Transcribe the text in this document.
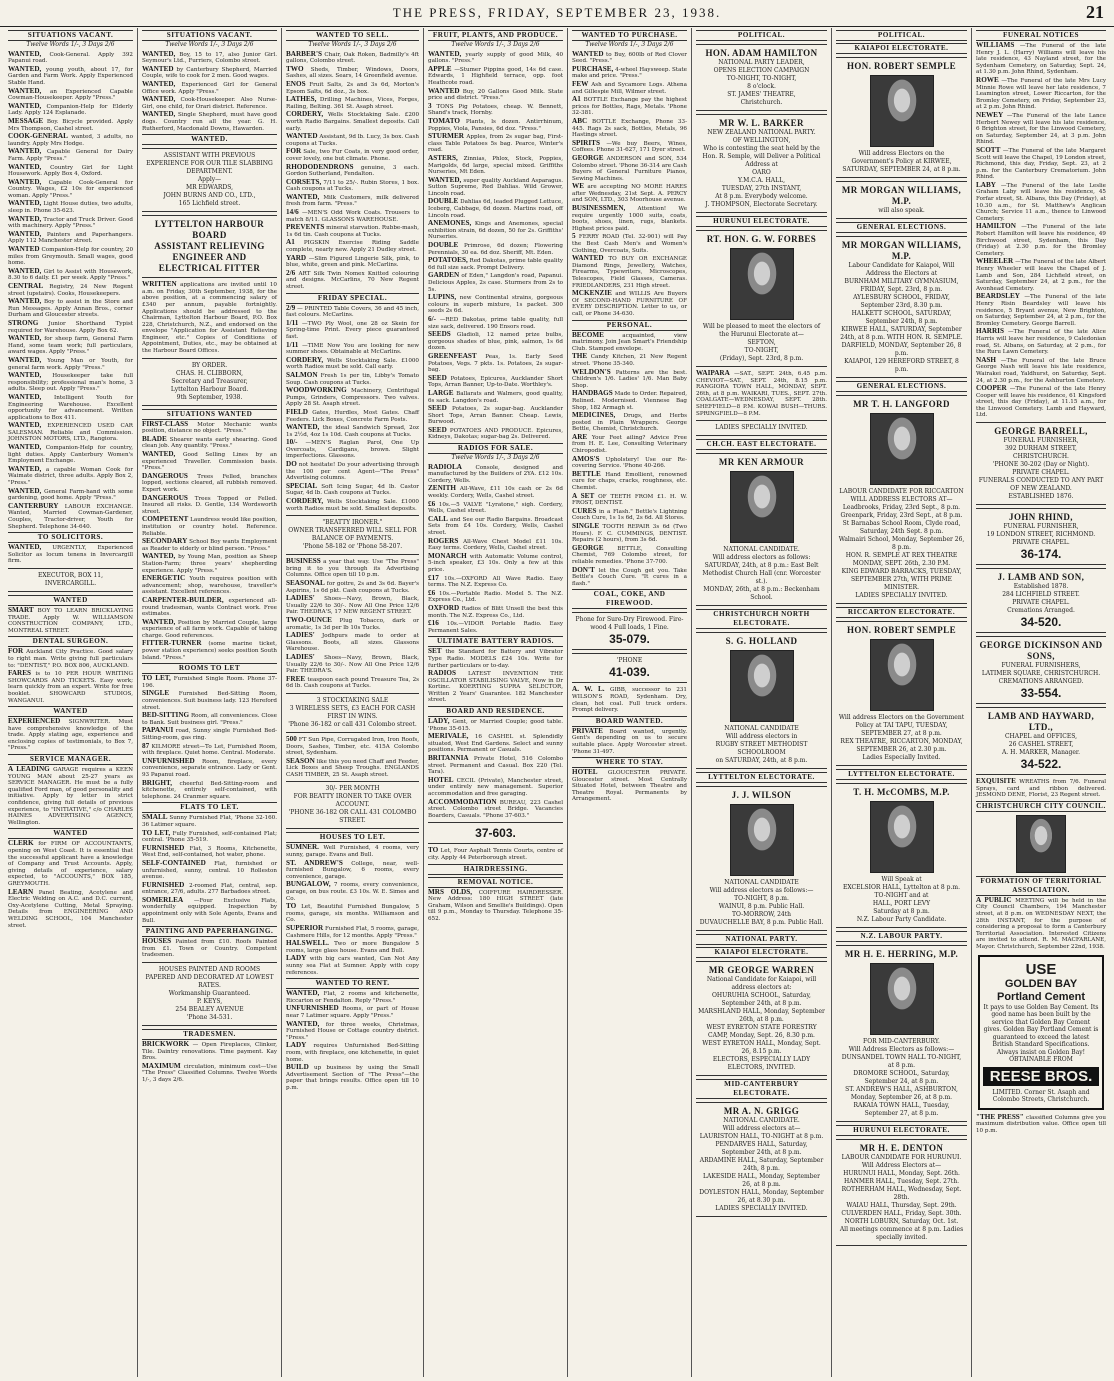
THE PRESS, FRIDAY, SEPTEMBER 23, 1938.	21
SITUATIONS VACANT.
Twelve Words 1/-, 3 Days 2/6

WANTED, Cook-General. Apply 392 Papanui road.

WANTED, young youth, about 17, for Garden and Farm Work. Apply Experienced Stable Hand.

WANTED, an Experienced Capable Cowman-Housekeeper. Apply "Press."

WANTED, Companion-Help for Elderly Lady. Apply 124 Esplanade.

MESSAGE Boy. Bicycle provided. Apply Mrs Thompson, Cashel street.

COOK-GENERAL wanted, 3 adults, no laundry. Apply Mrs Hodge.

WANTED, Capable General for Dairy Farm. Apply "Press."

WANTED, Country Girl for Light Housework. Apply Box 4, Oxford.

WANTED, Capable Cook-General for Country. Wages, £2 10s for experienced woman. Apply "Press."

WANTED, Light House duties, two adults, sleep in. Phone 35-623.

WANTED, Tractor and Truck Driver. Good with machinery. Apply "Press."

WANTED, Painters and Paperhangers. Apply 112 Manchester street.

WANTED Companion-Help for country, 20 miles from Greymouth. Small wages, good home.

WANTED, Girl to Assist with Housework, 8.30 to 6 daily. £1 per week. Apply "Press."

CENTRAL Registry, 24 New Regent street (upstairs). Cooks, Housekeepers.

WANTED, Boy to assist in the Store and Run Messages. Apply Annan Bros., corner Durham and Gloucester streets.

STRONG Junior Shorthand Typist required for Warehouse. Apply Box 62.

WANTED, for sheep farm, General Farm Hand, some team work; full particulars, award wages. Apply "Press."

WANTED, Young Man or Youth, for general farm work. Apply "Press."

WANTED, Housekeeper take full responsibility; professional man's home, 3 adults. Sleep out. Apply "Press."

WANTED, Intelligent Youth for Engineering Warehouse. Excellent opportunity for advancement. Written applications to Box 411.

WANTED, EXPERIENCED USED CAR SALESMAN. Reliable and Commission. JOHNSTON MOTORS, LTD., Rangiora.

WANTED, Companion-Help for country, light duties. Apply Canterbury Women's Employment Exchange.

WANTED, a capable Woman Cook for Waimate district, three adults. Apply Box 2, "Press."

WANTED, General Farm-hand with some gardening, good home. Apply "Press."

CANTERBURY LABOUR EXCHANGE. Wanted, Married Cowman-Gardener, Couples, Tractor-driver, Youth for Shepherd. Telephone 34-640.

TO SOLICITORS.

WANTED, URGENTLY, Experienced Solicitor as locum tenens in Invercargill firm.

EXECUTOR, BOX 11,
INVERCARGILL.
WANTED

SMART BOY TO LEARN BRICKLAYING TRADE. Apply W. WILLIAMSON CONSTRUCTION COMPANY, LTD., MONTREAL STREET.

DENTAL SURGEON.

FOR Auckland City Practice. Good salary to right man. Write giving full particulars to: "DENTIST," P.O. BOX 806, AUCKLAND.

FARES is to 10 PER HOUR WRITING SHOWCARDS AND TICKETS. Easy work; learn quickly from an expert. Write for free booklet. SHOWCARD STUDIOS, WANGANUI.

WANTED

EXPERIENCED SIGNWRITER. Must have comprehensive knowledge of the trade. Apply stating age, experience and enclosing copies of testimonials, to Box 7, "Press."

SERVICE MANAGER.

A LEADING GARAGE requires a KEEN YOUNG MAN about 25-27 years as SERVICE MANAGER. He must be a fully qualified Ford man, of good personality and initiative. Apply by letter in strict confidence, giving full details of previous experience, to "INITIATIVE," c/o CHARLES HAINES ADVERTISING AGENCY, Wellington.

WANTED

CLERK for FIRM OF ACCOUNTANTS, opening on West Coast. It is essential that the successful applicant have a knowledge of Company and Trust Accounts. Apply, giving details of experience, salary expected, to "ACCOUNTS," BOX 185, GREYMOUTH.

LEARN Panel Beating, Acetylene and Electric Welding on A.C. and D.C. current, Oxy-Acetylene Cutting, Metal Spraying. Details from ENGINEERING AND WELDING SCHOOL, 104 Manchester street.

SITUATIONS VACANT.
Twelve Words 1/-, 3 Days 2/6

WANTED, Boy, 15 to 17, also Junior Girl. Seymour's Ltd., Furriers, Colombo street.

WANTED by Canterbury Shepherd, Married Couple, wife to cook for 2 men. Good wages.

WANTED, Experienced Girl for General Office work. Apply "Press."

WANTED, Cook-Housekeeper. Also Nurse-Girl, one child, for Orari district. Reference.

WANTED, Single Shepherd, must have good dogs. Country run all the year. G. H. Rutherford, Macdonald Downs, Hawarden.

WANTED.
ASSISTANT WITH PREVIOUS EXPERIENCE FOR OUR TILE SLABBING DEPARTMENT.
Apply—
MR EDWARDS,
JOHN BURNS AND CO., LTD.,
165 Lichfield street.
LYTTELTON HARBOUR BOARD
ASSISTANT RELIEVING ENGINEER AND ELECTRICAL FITTER

WRITTEN applications are invited until 10 a.m. on Friday, 30th September, 1938, for the above position, at a commencing salary of £340 per annum, payable fortnightly. Applications should be addressed to the Chairman, Lyttelton Harbour Board, P.O. Box 228, Christchurch, N.Z., and endorsed on the envelope "Application for Assistant Relieving Engineer, etc." Copies of Conditions of Appointment, Duties, etc., may be obtained at the Harbour Board Offices.

BY ORDER.
CHAS. H. CLIBBORN,
Secretary and Treasurer,
Lyttelton Harbour Board.
9th September, 1938.
SITUATIONS WANTED

FIRST-CLASS Motor Mechanic wants position, distance no object. "Press."

BLADE Shearer wants early shearing. Good clean job. Any quantity. "Press."

WANTED, Good Selling Lines by an experienced Traveller. Commission basis. "Press."

DANGEROUS Trees Felled, branches lopped, sections cleared, all rubbish removed. Expert work.

DANGEROUS Trees Topped or Felled. Insured all risks. D. Gentle, 134 Wordsworth street.

COMPETENT Laundress would like position, institution or country hotel. Reference. Reliable.

SECONDARY School Boy wants Employment as Reader to elderly or blind person. "Press."

WANTED, by Young Man, position as Sheep Station-Farm; three years' shepherding experience. Apply "Press."

ENERGETIC Youth requires position with advancement; shop, warehouse, traveller's assistant. Excellent references.

CARPENTER-BUILDER, experienced all-round tradesman, wants Contract work. Free estimates.

WANTED, Position by Married Couple, large experience of all farm work. Capable of taking charge. Good references.

FITTER-TURNER (some marine ticket, power station experience) seeks position South Island. "Press."

ROOMS TO LET

TO LET, Furnished Single Room. Phone 37-196.

SINGLE Furnished Bed-Sitting Room, conveniences. Suit business lady. 123 Hereford street.

BED-SITTING Room, all conveniences. Close to Bank. Suit business girl. "Press."

PAPANUI road, Sunny single Furnished Bed-Sitting-room, gas ring.

87 KILMORE street—To Let, Furnished Room, with fireplace. Quiet home. Central. Moderate.

UNFURNISHED Room, fireplace, every convenience, separate entrance. Lady or Gent. 93 Papanui road.

BRIGHT, cheerful Bed-Sitting-room and kitchenette, entirely self-contained, with telephone. 24 Cranmer square.

FLATS TO LET.

SMALL Sunny Furnished Flat, 'Phone 32-160. 36 Latimer square.

TO LET, Fully Furnished, self-contained Flat; central. 'Phone 35-519.

FURNISHED Flat, 3 Rooms, Kitchenette, West End, self-contained, hot water, phone.

SELF-CONTAINED Flat, furnished or unfurnished, sunny, central. 10 Rolleston avenue.

FURNISHED 2-roomed Flat, central, sep. entrance, 27/6, adults. 277 Barbadoes street.

SOMERLEA —Four Exclusive Flats, wonderfully equipped. Inspection by appointment only with Sole Agents, Evans and Bull.

PAINTING AND PAPERHANGING.

HOUSES Painted from £10. Roofs Painted from £1. Town or Country. Competent tradesmen.

HOUSES PAINTED AND ROOMS PAPERED AND DECORATED AT LOWEST RATES.
Workmanship Guaranteed.
P. KEYS,
254 BEALEY AVENUE
'Phone 34-531.
TRADESMEN.

BRICKWORK — Open Fireplaces, Clinker, Tile. Daintry renovations. Time payment. Kay Bros.

MAXIMUM circulation, minimum cost—Use "The Press" Classified Columns. Twelve Words 1/-, 3 days 2/6.

WANTED TO SELL.
Twelve Words 1/-, 3 Days 2/6

BARBER'S Chair, Oak Roken, Badmilly's 4ft gallons, Colombo street.

TWO Sheds, Timber, Windows, Doors, Sashes, all sizes. Sears, 14 Greenfield avenue.

ENOS Fruit Salts, 2s and 3s 6d, Morton's Epsom Salts, 6d doz., 3s box.

LATHES, Drilling Machines, Vices, Forges, Railing, Belting. 361 St. Asaph street.

CORDERY, Wells Stocktaking Sale. £200 worth Radio Bargains. Smallest deposits. Call early.

WANTED Assistant, 9d lb. Lucy, 3s box. Cash coupons at Tucks.

FOR Sale, two Fur Coats, in very good order, cover lovely, one but climate. Phone.

RHODODENDRONS genuine, 3 each. Gordon Sutherland, Fendalton.

CORSETS, 7/11 to 25/-. Rubin Stores, 1 box. Cash coupons at Tucks.

WANTED, Milk Customers, milk delivered fresh from farm. "Press."

14/6 —MEN'S Odd Work Coats. Trousers to match 8/11. GLASSONS WAREHOUSE.

PREVENTS mineral starvation. Rubbe-mash, 1s 6d tin. Cash coupons at Tucks.

A1 PIGSKIN Exercise Riding Saddle complete, nearly new. Apply 21 Dudley street.

YARD —Slim Figured Lingerie Silk, pink, to blue, white, green and pink. McCarlins.

2/6 ART Silk Twin Nomex Knitted colouring and designs. McCarlins, 70 New Regent street.

FRIDAY SPECIAL.

2/9 — PRINTED Table Covers, 36 and 45 inch, fast colours. McCarlins.

1/11 —TWO Ply Wool, one 28 oz Skein for Spring-time Print. Every piece guaranteed fast.

1/11 —TIME Now You are looking for new summer shoes. Obtainable at McCarlins.

CORDERY, Wells Stocktaking Sale. £1000 worth Radios must be sold. Call early.

SALMON Fresh 1s per tin, Libby's Tomato Soup. Cash coupons at Tucks.

WOODWORKING Machinery, Centrifugal Pumps, Grinders, Compressors. Two valves. Apply 28 St. Asaph street.

FIELD Gates, Hurdles, Most Gates. Chaff Feeders. Lick Boxes, Concrete Farm Posts.

WANTED, the ideal Sandwich Spread, 2oz 1s 2½d, 4oz 1s 10d. Cash coupons at Tucks.

10/- —MEN'S Raglan Parol, One Up Overcoats, Cardigans, brown. Slight imperfections. Glassons.

DO not hesitate! Do your advertising through the 100 per cent Agent—"The Press" Advertising columns.

SPECIAL Soft Icing Sugar, 4d lb. Castor Sugar, 4d lb. Cash coupons at Tucks.

CORDERY, Wells Stocktaking Sale. £1000 worth Radios must be sold. Smallest deposits.

"BEATTY IRONER."
OWNER TRANSFERRED WILL SELL FOR BALANCE OF PAYMENTS.
'Phone 58-182 or 'Phone 58-207.

BUSINESS a year that way. Use "The Press" bring it to you through its Advertising Columns. Office open till 10 p.m.

SEASONAL for goitre, 2s and 3s 6d. Bayer's Aspirins, 1s 6d pkt. Cash coupons at Tucks.

LADIES' Shoes—Navy, Brown, Black, Usually 22/6 to 30/-. Now All One Price 12/6 Pair. THEDRA'S, 17 NEW REGENT STREET.

TWO-OUNCE Plug Tobacco, dark or aromatic, 1s 3d per lb 10s Tucks.

LADIES' Jodhpurs made to order at Glassons. Boots, all sizes. Glassons Warehouse.

LADIES' Shoes—Navy, Brown, Black, Usually 22/6 to 30/-. Now All One Price 12/6 Pair. THEDRA'S.

FREE teaspoon each pound Treasure Tea, 2s 6d lb. Cash coupons at Tucks.

3 STOCKTAKING SALE
3 WIRELESS SETS, £3 EACH FOR CASH FIRST IN WINS.
'Phone 36-182 or call 431 Colombo street.

500 FT Sun Pipe, Corrugated Iron, Iron Roofs, Doors, Sashes, Timber, etc. 415A Colombo street, Sydenham.

SEASON like this you need Chaff and Feeder, Lick Boxes and Sheep Troughs. ENGLANDS CASH TIMBER, 25 St. Asaph street.

30/- PER MONTH
FOR BEATTY IRONER TO TAKE OVER ACCOUNT.
'PHONE 36-182 OR CALL 431 COLOMBO STREET.
HOUSES TO LET.

SUMNER. Well Furnished, 4 rooms, very sunny, garage. Evans and Bull.

ST. ANDREW'S College, near, well-furnished Bungalow, 6 rooms, every convenience, garage.

BUNGALOW, 7 rooms, every convenience, garage, on bus route. £3 10s. W. E. Simes and Co.

TO Let, Beautiful Furnished Bungalow, 5 rooms, garage, six months. Williamson and Co.

SUPERIOR Furnished Flat, 5 rooms, garage, Cashmere Hills, for 12 months. Apply "Press."

HALSWELL. Two or more Bungalow 5 rooms, large glass house. Evans and Bull.

LADY with big cars wanted, Can Not Any sunny sea Flat at Sumner. Apply with copy references.

WANTED TO RENT.

WANTED, Flat, 2 rooms and kitchenette, Riccarton or Fendalton. Reply "Press."

UNFURNISHED Rooms, or part of House near 7 Latimer square. Apply "Press."

WANTED, for three weeks, Christmas, Furnished House or Cottage country district. "Press."

LADY requires Unfurnished Bed-Sitting room, with fireplace, one kitchenette, in quiet home.

BUILD up business by using the Small Advertisement Section of "The Press"—the paper that brings results. Office open till 10 p.m.

FRUIT, PLANTS, AND PRODUCE.
Twelve Words 1/-, 3 Days 2/6

WANTED, yearly supply of good Milk, 40 gallons. "Press."

APPLE —Stumer Pippins good, 14s 6d case. Edwards, 1 Highfield terrace, opp. foot Heathcote road.

WANTED Buy, 20 Gallons Good Milk. State price and district. "Press."

3 TONS Pig Potatoes, cheap. W. Bennett, Shand's track, Hornby.

TOMATO Plants, ls dozen. Antirrhinum, Poppies, Viola, Pansies, 6d doz. "Press."

STURMER Apples, from 2s sugar bag, First-class Table Potatoes 5s bag. Pearce, Winter's road.

ASTERS, Zinnias, Phlox, Stock, Poppies, Marigolds, 6d large, special mixed. Griffiths Nurseries, Mt Eden.

WANTED, super quality Auckland Asparagus. Sutton Supreme, Red Dahlias. Wild Grower, Lincoln road.

DOUBLE Dahlias 6d, leaded Plugged Lettuce, Iceberg, Cabbage, 6d dozen. Martins road, off Lincoln road.

ANEMONES, Kings and Anemones, special exhibition strain, 6d dozen, 50 for 2s. Griffiths' Nurseries.

DOUBLE Primrose, 6d dozen; Flowering Perennials, 30 ea. 6d doz. Sheriff, Mt. Eden.

POTATOES, Red Dakotas, prime table quality 6d full size sack. Prompt Delivery.

GARDEN of Eden," Langdon's road, Papanui. Delicious Apples, 2s case. Sturmers from 2s to 5s.

LUPINS, new Continental strains, gorgeous colours in superb mixture, 1s packet. 300 seeds 2s 6d.

6/- —RED Dakotas, prime table quality, full size sack, delivered. 190 Ensors road.

SEEDS Gladioli, 12 named prize bulbs, gorgeous shades of blue, pink, salmon, 1s 6d dozen.

GREENFEAST Peas, 1s. Early Seed Potatoes, Vegs. 7 pkts. 1s. Potatoes, 2s sugar-bag.

SEED Potatoes, Epicures, Aucklander Short Tops, Arran Banner, Up-to-Date. Worthley's.

LARGE Ballarats and Walmers, good quality, 6s sack. Langdon's road.

SEED Potatoes, 2s sugar-bag. Aucklander Short Tops, Arran Banner. Cheap. Lewis, Burwood.

SEED POTATOES AND PRODUCE. Epicures, Kidneys, Dakotas; sugar-bag 2s. Delivered.

RADIOS FOR SALE.
Twelve Words 1/-, 3 Days 2/6

RADIOLA Console, designed and manufactured by the Builders of 2YA. £12 10s. Cordery, Wells.

ZENITH All-Wave, £11 10s cash or 2s 6d weekly. Cordery, Wells, Cashel street.

£6 10s.—5 VALVE "Lyratone," sigh. Cordery, Wells, Cashel street.

CALL and See our Radio Bargains. Broadcast Sets from £4 10s. Cordery, Wells, Cashel street.

ROGERS All-Wave Chest Model £11 10s. Easy terms. Cordery, Wells, Cashel street.

MONARCH with Automatic Volume control, 5-inch speaker, £3 10s. Only a few at this price.

£17 10s.—OXFORD All Wave Radio. Easy terms. The N.Z. Express Co.

£6 10s.—Portable Radio. Model 5. The N.Z. Express Co., Ltd.

OXFORD Radios of Blitt Unsell the best this month. The N.Z. Express Co., Ltd.

£16 10s.—VIDOR Portable Radio. Easy Permanent Sales.

ULTIMATE BATTERY RADIOS.

SET the Standard for Battery and Vibrator Type Radio. MODELS £24 10s. Write for further particulars or to-day.

RADIOS LATEST INVENTION THE OSCILLATOR STABILISING VALVE, Now in Dr Kortinc. KOERTING SUPRA SELECTOR, Written 2 Years' Guarantee. 182 Manchester street.

BOARD AND RESIDENCE.

LADY, Gent, or Married Couple; good table. 'Phone 35-615.

MERIVALE, 16 CASHEL st. Splendidly situated, West End Gardens. Select and sunny positions. Permanent or Casuals.

BRITANNIA Private Hotel, 516 Colombo street. Permanent and Casual. Box 220 (Tel. Tara).

HOTEL CECIL (Private), Manchester street, under entirely new management. Superior accommodation and free garaging.

ACCOMMODATION BUREAU, 223 Cashel street. Colombo street Bridge. Vacancies Boarders, Casuals. "Phone 37-603."

37-603.

TO Let, Four Asphalt Tennis Courts, centre of city. Apply 44 Peterborough street.

HAIRDRESSING.
REMOVAL NOTICE.

MRS OLDS, COIFFURE HAIRDRESSER. New Address: 180 HIGH STREET (late Graham, Wilson and Smellie's Buildings). Open till 9 p.m., Monday to Thursday. Telephone 35-652.

WANTED TO PURCHASE.
Twelve Words 1/-, 3 Days 2/6

WANTED to Buy, 600lb of Red Clover Seed. "Press."

PURCHASE, 4-wheel Haysweep. State make and price. "Press."

FEW Ash and Sycamore Logs. Athena and Gillespie Mill, Wilmer street.

A1 BOTTLE Exchange pay the highest prices for Bottles, Rags, Metals. 'Phone 32-381.

ABC BOTTLE Exchange, Phone 33-445. Rags 2s sack, Bottles, Metals, 96 Hastings street.

SPIRITS —We buy Beers, Wines, Coffees. Phone 31-627, 171 Dyer street.

GEORGE ANDERSON and SON, 534 Colombo street. 'Phone 36-314 are Cash Buyers of General Furniture Pianos, Sewing Machines.

WE are accepting NO MORE HARES after Wednesday, 21st Sept. A. PERCY and SON, LTD., 303 Moorhouse avenue.

BUSINESSMEN, Attention! We require urgently 1000 suits, coats, boots, shoes, linen, rugs, blankets. Highest prices paid.

5 FERRY ROAD (Tel. 32-901) will Pay the Best Cash Men's and Women's Clothing, Overcoats, Suits.

WANTED TO BUY OR EXCHANGE Diamond Rings, Jewellery, Watches, Firearms, Typewriters, Microscopes, Telescopes, Field Glasses, Cameras. FRIEDLANDERS, 231 High street.

MCKENZIE and WILLIS Are Buyers Of SECOND-HAND FURNITURE OF EVERY DESCRIPTION. Letter to us, or call, or Phone 34-630.

PERSONAL.

BECOME acquainted, view matrimony. Join Jean Smart's Friendship Club. Stamped envelope.

THE Candy Kitchen, 21 New Regent street. 'Phone 35-340.

WELDON'S Patterns are the best. Children's 1/6. Ladies' 1/6. Man Baby Shop.

HANDBAGS Made to Order. Repaired, Relined. Modernised. Viennese Bag Shop, 182 Armagh st.

MEDICINES, Drugs, and Herbs posted in Plain Wrappers. George Bettle, Chemist, Christchurch.

ARE Your Feet ailing? Advice Free from H. E. Lee, Consulting Veterinary Chiropodist.

AMOS'S Upholstery! Use our Re-covering Service. 'Phone 40-266.

BETTLE Hand Emollient, renowned cure for chaps, cracks, roughness, etc. Chemist.

A SET OF TEETH FROM £1. H. W. FROST, DENTIST.

CURES in a Flash." Bettle's Lightning Couch Cure, 1s 1s 6d, 2s 6d. All Stores.

SINGLE TOOTH REPAIR 3s 6d (Two Hours). F. C. CUMMINGS, DENTIST. Repairs (2 hours), from 3s 6d.

GEORGE BETTLE, Consulting Chemist, 769 Colombo street, for reliable remedies. 'Phone 37-700.

DON'T let the Cough get you. Take Bettle's Couch Cure. "It cures in a flash."

COAL, COKE, AND FIREWOOD.
Phone for Sure-Dry Firewood. Fire-wood 4 Full loads, 1 Fine.
35-079.
'PHONE
41-039.

A. W. L. GIBB, successor to 231 WILSON'S ROAD, Sydenham. Dry, clean, hot coal. Full truck orders. Prompt delivery.

BOARD WANTED.

PRIVATE Board wanted, urgently. Gent's depending on us to secure suitable place. Apply Worcester street. 'Phone 31-497.

WHERE TO STAY.

HOTEL GLOUCESTER PRIVATE. Gloucester street. Most Centrally Situated Hotel, between Theatre and Theatre Royal. Permanents by Arrangement.

POLITICAL.
HON. ADAM HAMILTON
NATIONAL PARTY LEADER,
OPENS ELECTION CAMPAIGN
TO-NIGHT, TO-NIGHT,
8 o'clock.
ST. JAMES' THEATRE,
Christchurch.
MR W. L. BARKER
NEW ZEALAND NATIONAL PARTY.
OF WELLINGTON,
Who is contesting the seat held by the Hon. R. Semple, will Deliver a Political Address at
OARO
Y.M.C.A. HALL,
TUESDAY, 27th INSTANT,
At 8 p.m. Everybody welcome.
J. THOMPSON, Electorate Secretary.
HURUNUI ELECTORATE.
RT. HON. G. W. FORBES
Will be pleased to meet the electors of the Hurunui Electorate at—
SEFTON,
TO-NIGHT,
(Friday), Sept. 23rd, 8 p.m.

WAIPARA —SAT., SEPT. 24th, 6.45 p.m. CHEVIOT—SAT., SEPT. 24th, 8.15 p.m. RANGIORA TOWN HALL, MONDAY, SEPT. 26th, at 8 p.m. WAIKARI, TUES., SEPT. 27th. COALGATE—WEDNESDAY, SEPT. 28th. SHEFFIELD—8 P.M. KOWAI BUSH—THURS. SPRINGFIELD—8 P.M.

LADIES SPECIALLY INVITED.
CH.CH. EAST ELECTORATE.
MR KEN ARMOUR
NATIONAL CANDIDATE.
Will address electors as follows:
SATURDAY, 24th, at 8 p.m.: East Belt Methodist Church Hall (cnr. Worcester st.).
MONDAY, 26th, at 8 p.m.: Beckenham School.
CHRISTCHURCH NORTH ELECTORATE.
S. G. HOLLAND
NATIONAL CANDIDATE
Will address electors in
RUGBY STREET METHODIST SCHOOLROOM
on SATURDAY, 24th, at 8 p.m.
LYTTELTON ELECTORATE.
J. J. WILSON
NATIONAL CANDIDATE
Will address electors as follows:—
TO-NIGHT, 8 p.m.
WAINUI, 8 p.m. Public Hall.
TO-MORROW, 24th
DUVAUCHELLE BAY, 8 p.m. Public Hall.
NATIONAL PARTY.
KAIAPOI ELECTORATE.
MR GEORGE WARREN
National Candidate for Kaiapoi, will address electors at:
OHURUHIA SCHOOL, Saturday, September 24th, at 8 p.m.
MARSHLAND HALL, Monday, September 26th, at 8 p.m.
WEST EYRETON STATE FORESTRY CAMP, Monday, Sept. 26, 8.30 p.m.
WEST EYRETON HALL, Monday, Sept. 26, 8.15 p.m.
ELECTORS, ESPECIALLY LADY ELECTORS, INVITED.
MID-CANTERBURY ELECTORATE.
MR A. N. GRIGG
NATIONAL CANDIDATE.
Will address electors at—
LAURISTON HALL, TO-NIGHT at 8 p.m.
PENDARVES HALL, Saturday, September 24th, at 8 p.m.
ARDAMINE HALL, Saturday, September 24th, 8 p.m.
LAKESIDE HALL, Monday, September 26, at 8 p.m.
DOYLESTON HALL, Monday, September 26, at 8.30 p.m.
LADIES SPECIALLY INVITED.
POLITICAL.
KAIAPOI ELECTORATE.
HON. ROBERT SEMPLE
Will address Electors on the Government's Policy at KIRWEE, SATURDAY, SEPTEMBER 24, at 8 p.m.
MR MORGAN WILLIAMS, M.P.
will also speak.
GENERAL ELECTIONS.
MR MORGAN WILLIAMS, M.P.
Labour Candidate for Kaiapoi, Will Address the Electors at
BURNHAM MILITARY GYMNASIUM, FRIDAY, Sept. 23rd, 8 p.m.
AYLESBURY SCHOOL, FRIDAY, September 23rd, 8.30 p.m.
HALKETT SCHOOL, SATURDAY, September 24th, 8 p.m.
KIRWEE HALL, SATURDAY, September 24th, at 8 p.m. WITH HON. R. SEMPLE.
DARFIELD, MONDAY, September 26, 8 p.m.
KAIAPOI, 129 HEREFORD STREET, 8 p.m.
GENERAL ELECTIONS.
MR T. H. LANGFORD
LABOUR CANDIDATE FOR RICCARTON
WILL ADDRESS ELECTORS AT—
Leadbrooks, Friday, 23rd Sept., 8 p.m.
Greenpark, Friday, 23rd Sept., at 8 p.m.
St Barnabas School Room, Clyde road, Saturday, 24th Sept. 8 p.m.
Walmairi School, Monday, September 26, 8 p.m.
HON. R. SEMPLE AT REX THEATRE MONDAY, SEPT. 26th, 2.30 P.M.
KING EDWARD BARRACKS, TUESDAY, SEPTEMBER 27th, WITH PRIME MINISTER.
LADIES SPECIALLY INVITED.
RICCARTON ELECTORATE.
HON. ROBERT SEMPLE
Will address Electors on the Government Policy at TAI TAPU, TUESDAY, SEPTEMBER 27, at 8 p.m.
REX THEATRE, RICCARTON, MONDAY, SEPTEMBER 26, at 2.30 p.m.
Ladies Especially Invited.
LYTTELTON ELECTORATE.
T. H. McCOMBS, M.P.
Will Speak at
EXCELSIOR HALL, Lyttelton at 8 p.m.
TO-NIGHT and at
HALL, PORT LEVY
Saturday at 8 p.m.
N.Z. Labour Party Candidate.
N.Z. LABOUR PARTY.
MR H. E. HERRING, M.P.
FOR MID-CANTERBURY.
Will Address Electors as follows:—
DUNSANDEL TOWN HALL TO-NIGHT, at 8 p.m.
DROMORE SCHOOL, Saturday, September 24, at 8 p.m.
ST. ANDREW'S HALL, ASHBURTON, Monday, September 26, at 8 p.m.
RAKAIA TOWN HALL, Tuesday, September 27, at 8 p.m.
HURUNUI ELECTORATE.
MR H. E. DENTON
LABOUR CANDIDATE FOR HURUNUI.
Will Address Electors at—
HURUNUI HALL, Monday, Sept. 26th.
HANMER HALL, Tuesday, Sept. 27th.
ROTHERHAM HALL, Wednesday, Sept. 28th.
WAIAU HALL, Thursday, Sept. 29th.
CULVERDEN HALL, Friday, Sept. 30th.
NORTH LOBURN, Saturday, Oct. 1st.
All meetings commence at 8 p.m. Ladies specially invited.
FUNERAL NOTICES

WILLIAMS —The Funeral of the late Henry J. L. (Harry) Williams will leave his late residence, 43 Nayland street, for the Sydenham Cemetery, on Saturday, Sept. 24, at 1.30 p.m. John Rhind, Sydenham.

ROWE —The Funeral of the late Mrs Lucy Minnie Rowe will leave her late residence, 7 Leamington street, Lower Riccarton, for the Bromley Cemetery, on Friday, September 23, at 2 p.m. John Rhind.

NEWEY —The Funeral of the late Lance Herbert Newey will leave his late residence, 6 Brighton street, for the Linwood Cemetery, on Saturday, September 24, at 3 p.m. John Rhind.

SCOTT —The Funeral of the late Margaret Scott will leave the Chapel, 19 London street, Richmond, this day, Friday, Sept. 23, at 2 p.m. for the Canterbury Crematorium. John Rhind.

LABY —The Funeral of the late Leslie Graham Laby will leave his residence, 45 Forfar street, St. Albans, this Day (Friday), at 10.30 a.m., for St. Matthew's Anglican Church; Service 11 a.m., thence to Linwood Cemetery.

HAMILTON —The Funeral of the late Robert Hamilton will leave his residence, 49 Birchwood street, Sydenham, this Day (Friday) at 2.30 p.m. for the Bromley Cemetery.

WHEELER —The Funeral of the late Albert Henry Wheeler will leave the Chapel of J. Lamb and Son, 284 Lichfield street, on Saturday, September 24, at 2 p.m., for the Avonhead Cemetery.

BEARDSLEY —The Funeral of the late Henry Risin Beardsley will leave his residence, 5 Bryant avenue, New Brighton, on Saturday, September 24, at 2 p.m., for the Bromley Cemetery. George Barrell.

HARRIS —The Funeral of the late Alice Harris will leave her residence, 9 Caledonian road, St. Albans, on Saturday, at 2 p.m., for the Ruru Lawn Cemetery.

NASH —The Funeral of the late Bruce George Nash will leave his late residence, Wairakei road, Yaldhurst, on Saturday, Sept. 24, at 2.30 p.m., for the Ashburton Cemetery.

COOPER —The Funeral of the late Henry Cooper will leave his residence, 61 Kingsford street, this day (Friday), at 11.15 a.m., for the Linwood Cemetery. Lamb and Hayward, Ltd.

GEORGE BARRELL,
FUNERAL FURNISHER,
392 DURHAM STREET, CHRISTCHURCH.
'PHONE 30-202 (Day or Night).
PRIVATE CHAPEL.
FUNERALS CONDUCTED TO ANY PART OF NEW ZEALAND.
ESTABLISHED 1876.
JOHN RHIND,
FUNERAL FURNISHER,
19 LONDON STREET, RICHMOND.
PRIVATE CHAPEL.
36-174.
J. LAMB AND SON,
Established 1878.
284 LICHFIELD STREET.
PRIVATE CHAPEL.
Cremations Arranged.
34-520.
GEORGE DICKINSON AND SONS,
FUNERAL FURNISHERS,
LATIMER SQUARE, CHRISTCHURCH.
CREMATIONS ARRANGED.
33-554.
LAMB AND HAYWARD, LTD.,
CHAPEL and OFFICES,
26 CASHEL STREET,
A. H. MARKER, Manager.
34-522.

EXQUISITE WREATHS from 7/6. Funeral Sprays, card and ribbon delivered. JESMOND DENE, Florist, 23 Regent street.

CHRISTCHURCH CITY COUNCIL.
FORMATION OF TERRITORIAL ASSOCIATION.

A PUBLIC MEETING will be held in the City Council Chambers, 194 Manchester street, at 8 p.m. on WEDNESDAY NEXT, the 28th INSTANT, for the purpose of considering a proposal to form a Canterbury Territorial Association. Interested Citizens are invited to attend. R. M. MACFARLANE, Mayor. Christchurch, September 22nd, 1938.

USE
GOLDEN BAY Portland Cement
It pays to use Golden Bay Cement. Its good name has been built by the service that Golden Bay Cement gives. Golden Bay Portland Cement is guaranteed to exceed the latest British Standard Specifications. Always insist on Golden Bay!
OBTAINABLE FROM
REESE BROS.
LIMITED. Corner St. Asaph and Colombo Streets, Christchurch.

"THE PRESS" classified Columns give you maximum distribution value. Office open till 10 p.m.
